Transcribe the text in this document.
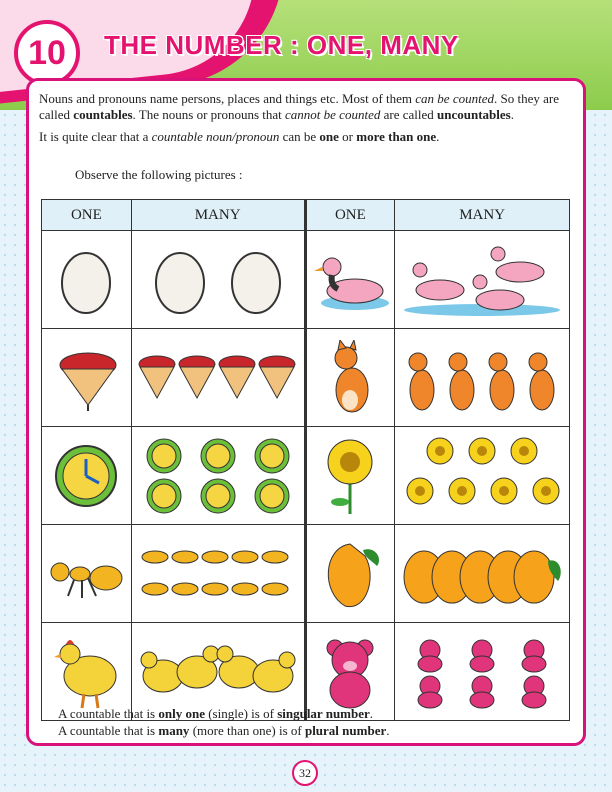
10	THE NUMBER : ONE, MANY

Nouns and pronouns name persons, places and things etc. Most of them can be counted. So they are called countables. The nouns or pronouns that cannot be counted are called uncountables.

It is quite clear that a countable noun/pronoun can be one or more than one.

Observe the following pictures :
ONE	MANY	ONE	MANY

A countable that is only one (single) is of singular number.
A countable that is many (more than one) is of plural number.
32
